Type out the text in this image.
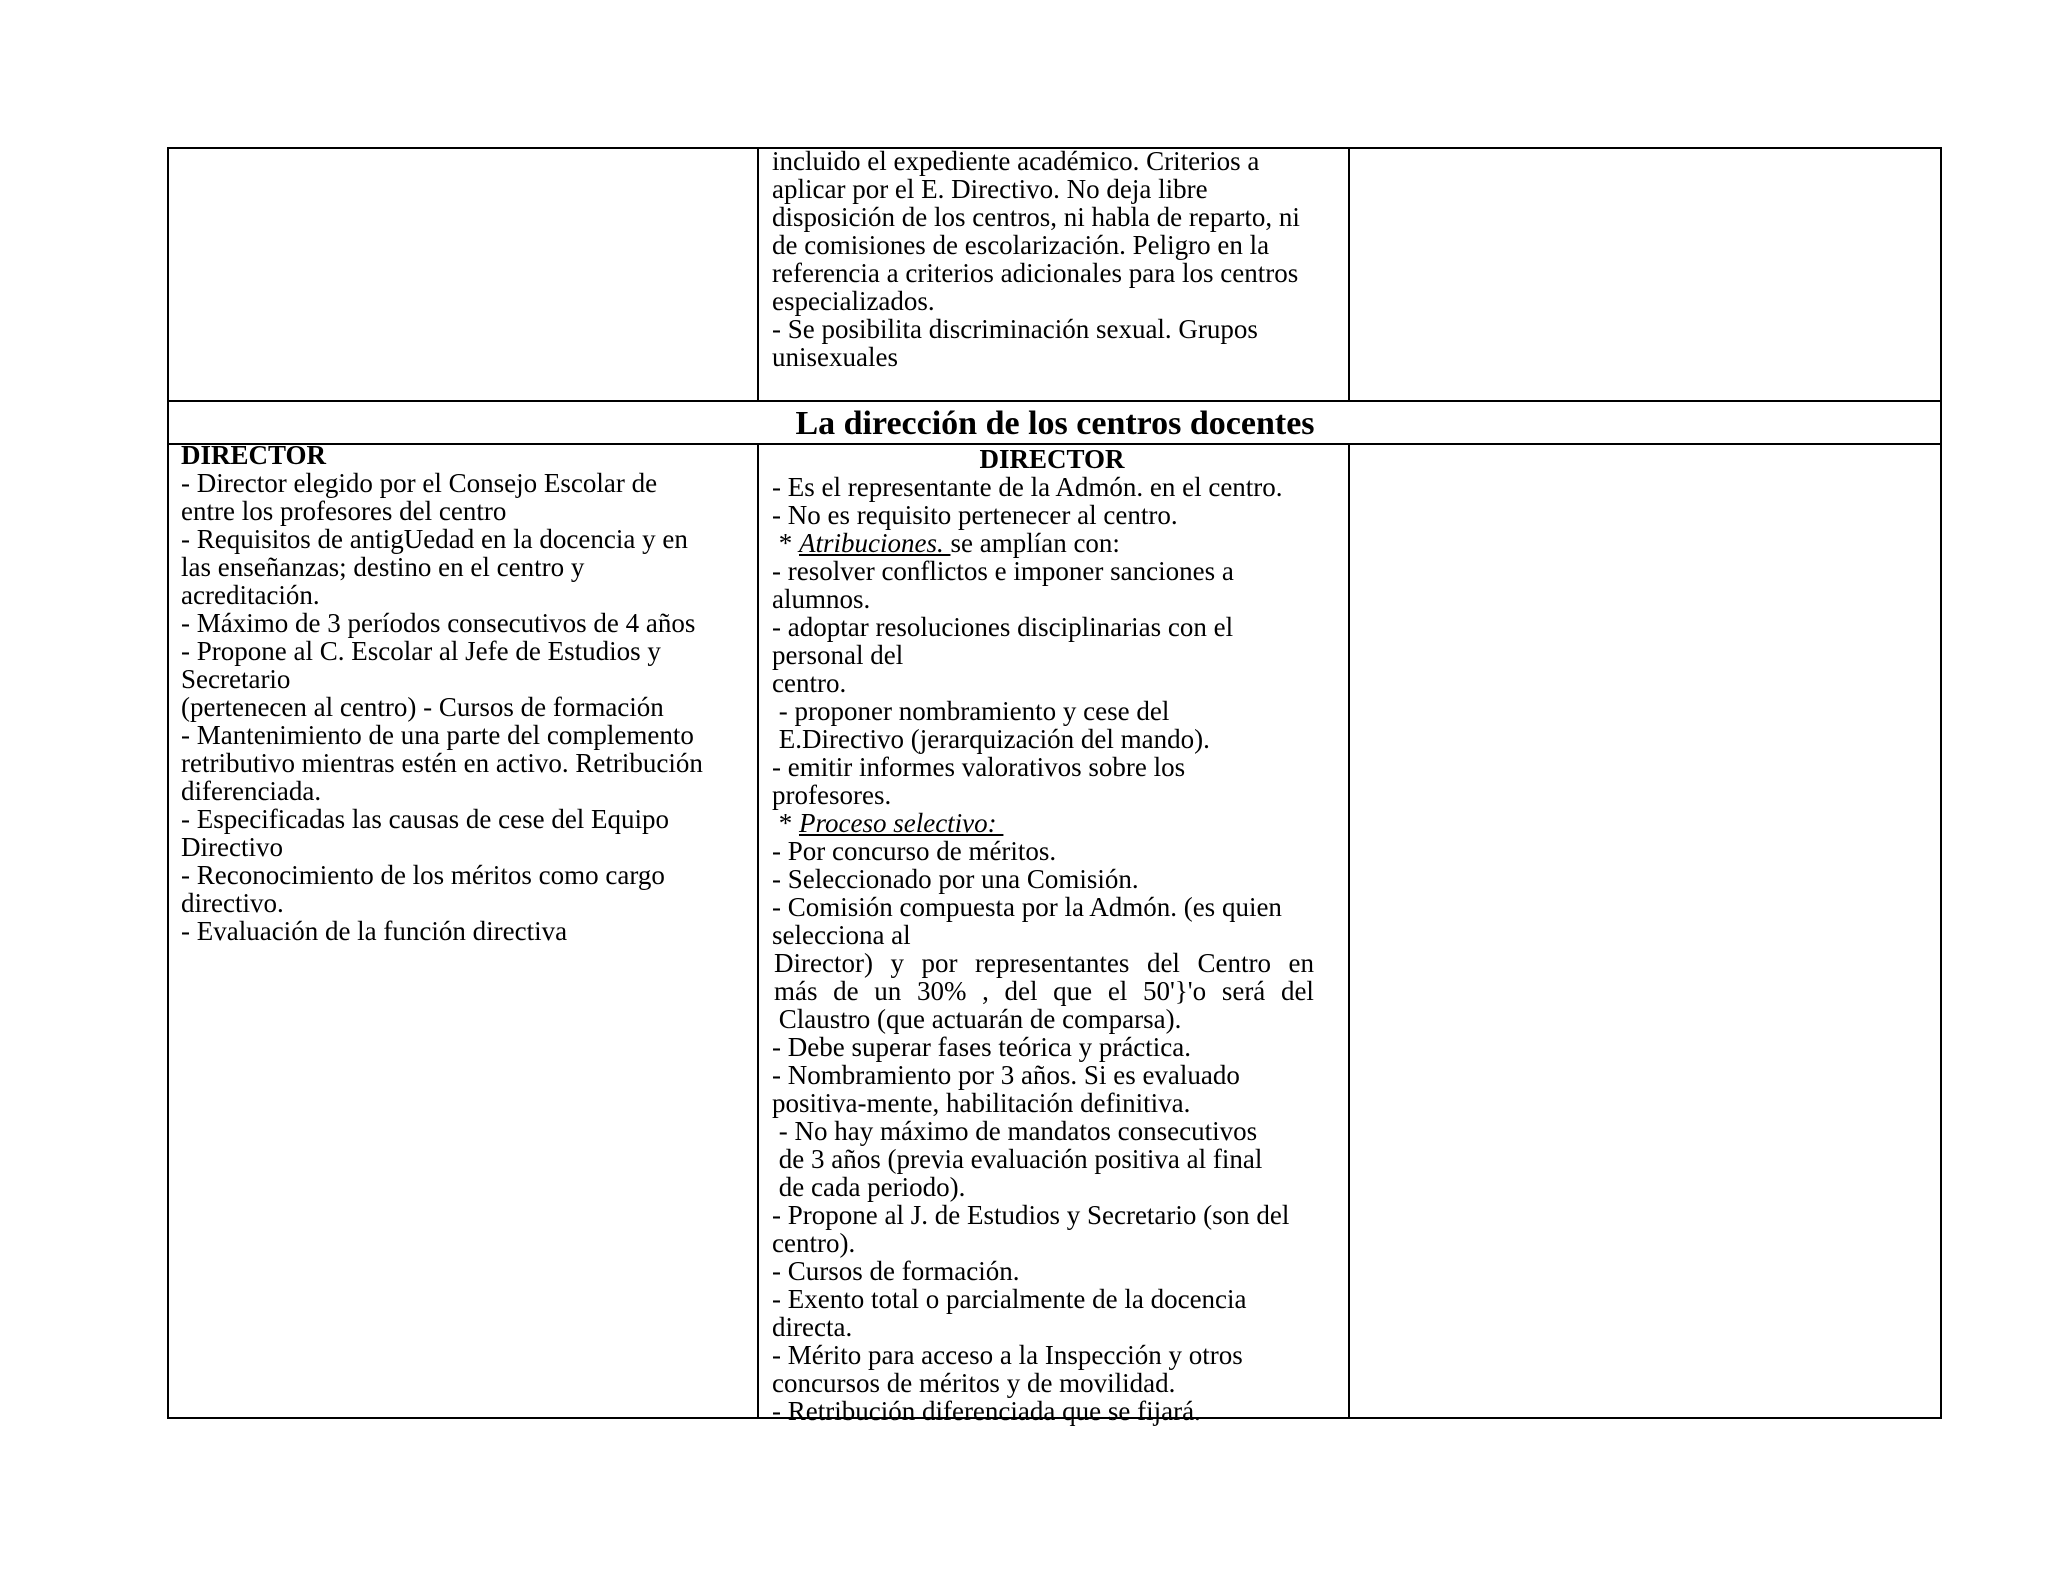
incluido el expediente académico. Criterios a
aplicar por el E. Directivo. No deja libre
disposición de los centros, ni habla de reparto, ni
de comisiones de escolarización. Peligro en la
referencia a criterios adicionales para los centros
especializados.
- Se posibilita discriminación sexual. Grupos
unisexuales
La dirección de los centros docentes
DIRECTOR
- Director elegido por el Consejo Escolar de
entre los profesores del centro
- Requisitos de antigUedad en la docencia y en
las enseñanzas; destino en el centro y
acreditación.
- Máximo de 3 períodos consecutivos de 4 años
- Propone al C. Escolar al Jefe de Estudios y
Secretario
(pertenecen al centro) - Cursos de formación
- Mantenimiento de una parte del complemento
retributivo mientras estén en activo. Retribución
diferenciada.
- Especificadas las causas de cese del Equipo
Directivo
- Reconocimiento de los méritos como cargo
directivo.
- Evaluación de la función directiva
DIRECTOR
- Es el representante de la Admón. en el centro.
- No es requisito pertenecer al centro.
* Atribuciones. se amplían con:
- resolver conflictos e imponer sanciones a
alumnos.
- adoptar resoluciones disciplinarias con el
personal del
centro.
- proponer nombramiento y cese del
E.Directivo (jerarquización del mando).
- emitir informes valorativos sobre los
profesores.
* Proceso selectivo:
- Por concurso de méritos.
- Seleccionado por una Comisión.
- Comisión compuesta por la Admón. (es quien
selecciona al
Director) y por representantes del Centro en
más de un 30% , del que el 50'}'o será del
Claustro (que actuarán de comparsa).
- Debe superar fases teórica y práctica.
- Nombramiento por 3 años. Si es evaluado
positiva-mente, habilitación definitiva.
- No hay máximo de mandatos consecutivos
de 3 años (previa evaluación positiva al final
de cada periodo).
- Propone al J. de Estudios y Secretario (son del
centro).
- Cursos de formación.
- Exento total o parcialmente de la docencia
directa.
- Mérito para acceso a la Inspección y otros
concursos de méritos y de movilidad.
- Retribución diferenciada que se fijará.
